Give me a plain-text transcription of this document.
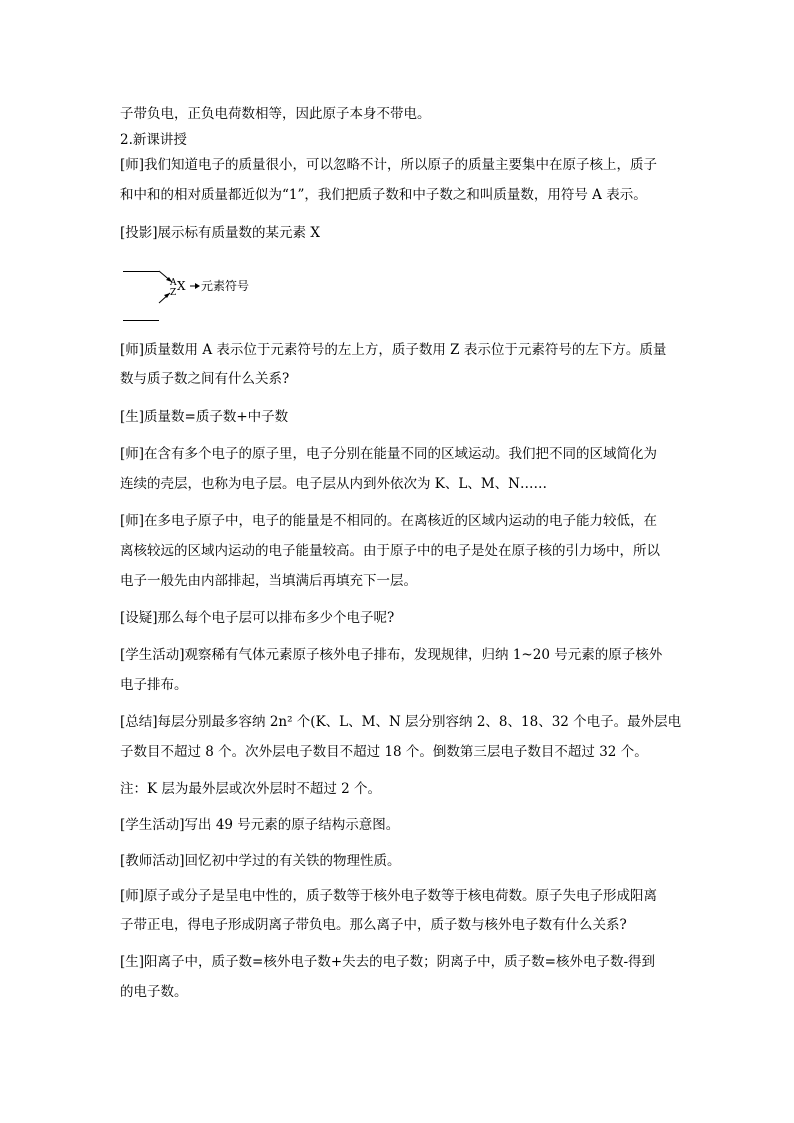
子带负电，正负电荷数相等，因此原子本身不带电。
2.新课讲授
[师]我们知道电子的质量很小，可以忽略不计，所以原子的质量主要集中在原子核上，质子
和中和的相对质量都近似为“1”，我们把质子数和中子数之和叫质量数，用符号 A 表示。
[投影]展示标有质量数的某元素 X
A
Z X 元素符号
[师]质量数用 A 表示位于元素符号的左上方，质子数用 Z 表示位于元素符号的左下方。质量
数与质子数之间有什么关系?
[生]质量数=质子数+中子数
[师]在含有多个电子的原子里，电子分别在能量不同的区域运动。我们把不同的区域简化为
连续的壳层，也称为电子层。电子层从内到外依次为 K、L、M、N……
[师]在多电子原子中，电子的能量是不相同的。在离核近的区域内运动的电子能力较低，在
离核较远的区域内运动的电子能量较高。由于原子中的电子是处在原子核的引力场中，所以
电子一般先由内部排起，当填满后再填充下一层。
[设疑]那么每个电子层可以排布多少个电子呢?
[学生活动]观察稀有气体元素原子核外电子排布，发现规律，归纳 1~20 号元素的原子核外
电子排布。
[总结]每层分别最多容纳 2n² 个(K、L、M、N 层分别容纳 2、8、18、32 个电子。最外层电
子数目不超过 8 个。次外层电子数目不超过 18 个。倒数第三层电子数目不超过 32 个。
注：K 层为最外层或次外层时不超过 2 个。
[学生活动]写出 49 号元素的原子结构示意图。
[教师活动]回忆初中学过的有关铁的物理性质。
[师]原子或分子是呈电中性的，质子数等于核外电子数等于核电荷数。原子失电子形成阳离
子带正电，得电子形成阴离子带负电。那么离子中，质子数与核外电子数有什么关系?
[生]阳离子中，质子数=核外电子数+失去的电子数；阴离子中，质子数=核外电子数-得到
的电子数。
